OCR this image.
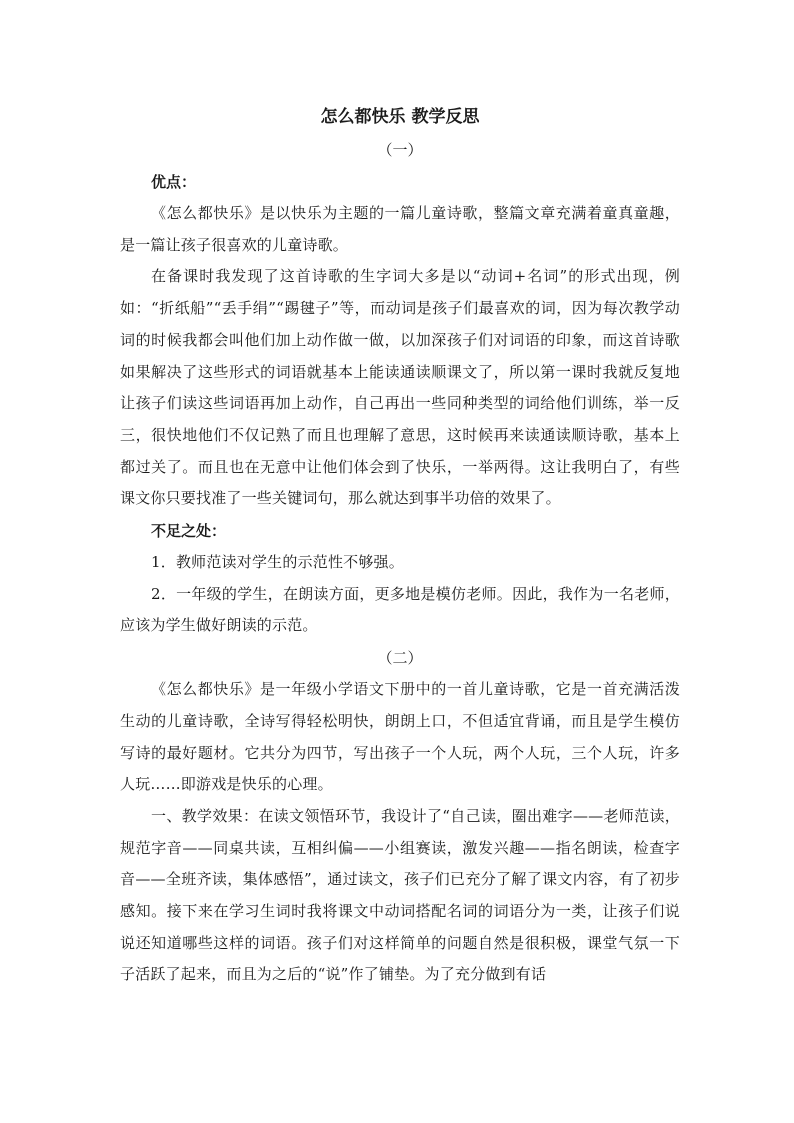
怎么都快乐 教学反思

（一）

优点：

《怎么都快乐》是以快乐为主题的一篇儿童诗歌，整篇文章充满着童真童趣，是一篇让孩子很喜欢的儿童诗歌。

在备课时我发现了这首诗歌的生字词大多是以“动词+名词”的形式出现，例如：“折纸船”“丢手绢”“踢毽子”等，而动词是孩子们最喜欢的词，因为每次教学动词的时候我都会叫他们加上动作做一做，以加深孩子们对词语的印象，而这首诗歌如果解决了这些形式的词语就基本上能读通读顺课文了，所以第一课时我就反复地让孩子们读这些词语再加上动作，自己再出一些同种类型的词给他们训练，举一反三，很快地他们不仅记熟了而且也理解了意思，这时候再来读通读顺诗歌，基本上都过关了。而且也在无意中让他们体会到了快乐，一举两得。这让我明白了，有些课文你只要找准了一些关键词句，那么就达到事半功倍的效果了。

不足之处：

1．教师范读对学生的示范性不够强。

2．一年级的学生，在朗读方面，更多地是模仿老师。因此，我作为一名老师，应该为学生做好朗读的示范。

（二）

《怎么都快乐》是一年级小学语文下册中的一首儿童诗歌，它是一首充满活泼生动的儿童诗歌，全诗写得轻松明快，朗朗上口，不但适宜背诵，而且是学生模仿写诗的最好题材。它共分为四节，写出孩子一个人玩，两个人玩，三个人玩，许多人玩……即游戏是快乐的心理。

一、教学效果：在读文领悟环节，我设计了“自己读，圈出难字——老师范读，规范字音——同桌共读，互相纠偏——小组赛读，激发兴趣——指名朗读，检查字音——全班齐读，集体感悟”，通过读文，孩子们已充分了解了课文内容，有了初步感知。接下来在学习生词时我将课文中动词搭配名词的词语分为一类，让孩子们说说还知道哪些这样的词语。孩子们对这样简单的问题自然是很积极，课堂气氛一下子活跃了起来，而且为之后的“说”作了铺垫。为了充分做到有话
